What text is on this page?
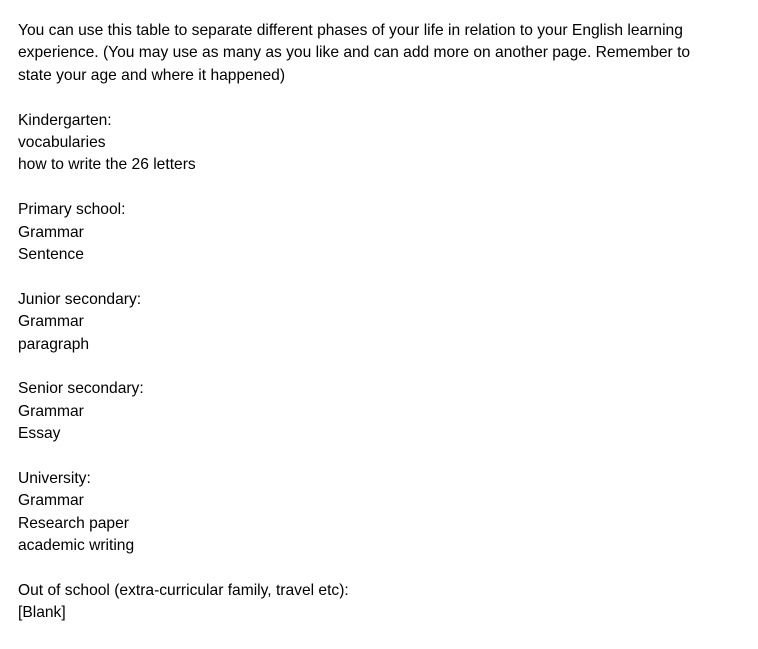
You can use this table to separate different phases of your life in relation to your English learning
experience. (You may use as many as you like and can add more on another page. Remember to
state your age and where it happened)
Kindergarten:
vocabularies
how to write the 26 letters
Primary school:
Grammar
Sentence
Junior secondary:
Grammar
paragraph
Senior secondary:
Grammar
Essay
University:
Grammar
Research paper
academic writing
Out of school (extra-curricular family, travel etc):
[Blank]
